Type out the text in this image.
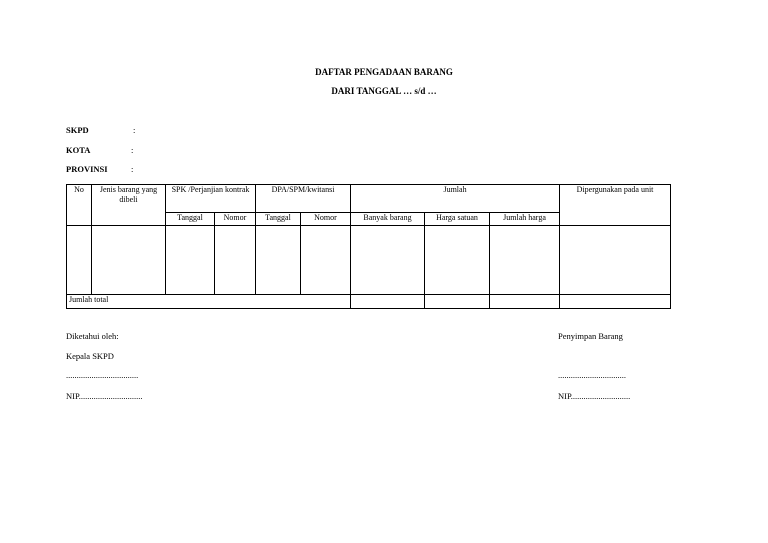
DAFTAR PENGADAAN BARANG
DARI TANGGAL … s/d …
SKPD	:
KOTA	:
PROVINSI	:
No	Jenis barang yang dibeli	SPK /Perjanjian kontrak		DPA/SPM/kwitansi		Jumlah			Dipergunakan pada unit
		Tanggal	Nomor	Tanggal	Nomor	Banyak barang	Harga satuan	Jumlah harga	

Jumlah total									
Diketahui oleh:
Kepala SKPD
..................................
NIP..............................
Penyimpan Barang
................................
NIP............................
